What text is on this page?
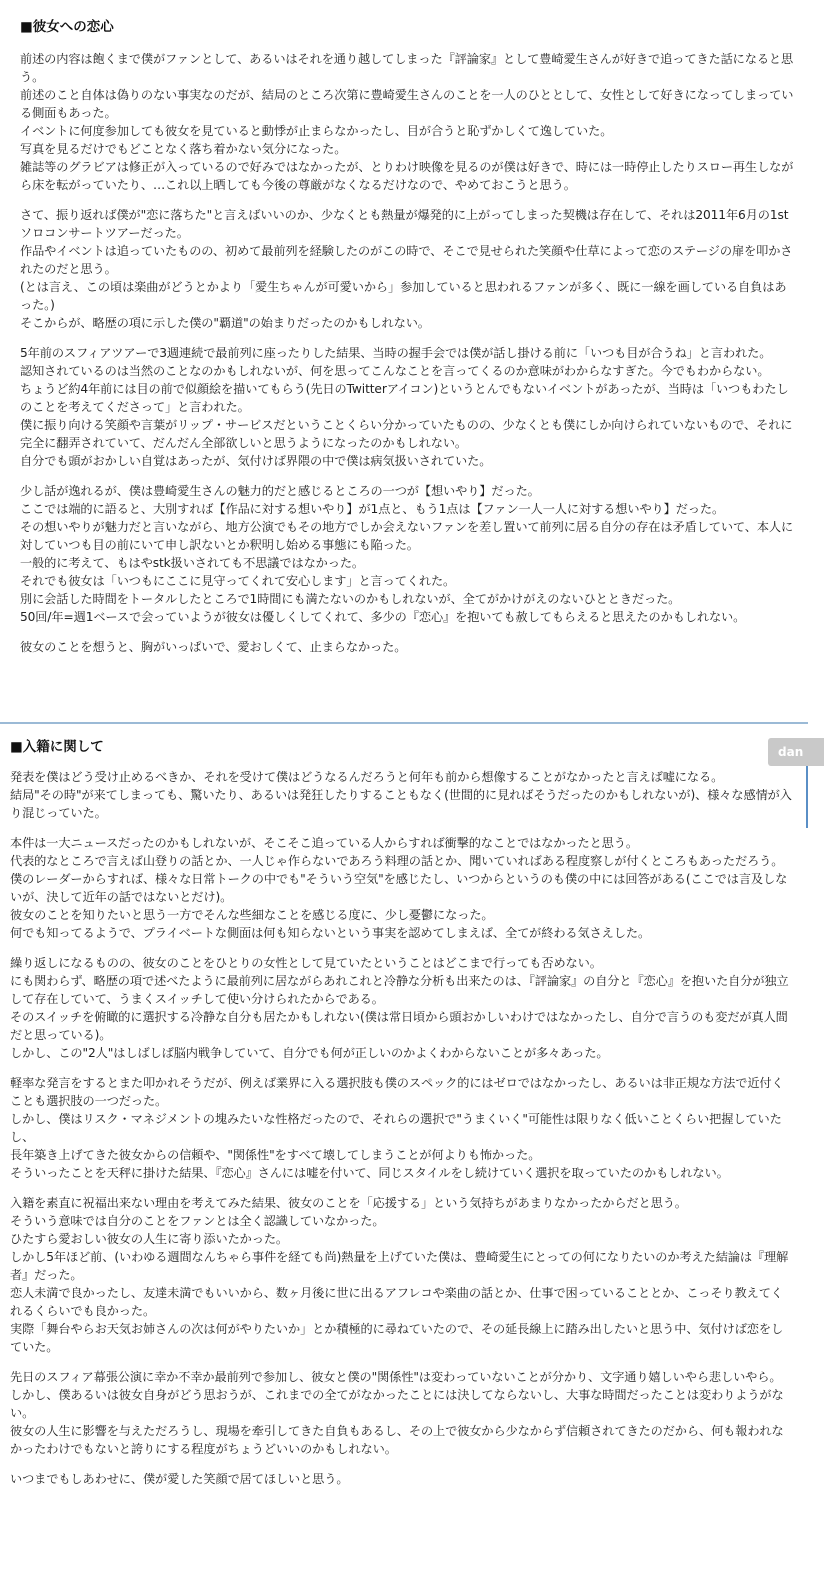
■彼女への恋心
前述の内容は飽くまで僕がファンとして、あるいはそれを通り越してしまった『評論家』として豊崎愛生さんが好きで追ってきた話になると思う。
前述のこと自体は偽りのない事実なのだが、結局のところ次第に豊崎愛生さんのことを一人のひととして、女性として好きになってしまっている側面もあった。
イベントに何度参加しても彼女を見ていると動悸が止まらなかったし、目が合うと恥ずかしくて逸していた。
写真を見るだけでもどことなく落ち着かない気分になった。
雑誌等のグラビアは修正が入っているので好みではなかったが、とりわけ映像を見るのが僕は好きで、時には一時停止したりスロー再生しながら床を転がっていたり、…これ以上晒しても今後の尊厳がなくなるだけなので、やめておこうと思う。
さて、振り返れば僕が"恋に落ちた"と言えばいいのか、少なくとも熱量が爆発的に上がってしまった契機は存在して、それは2011年6月の1stソロコンサートツアーだった。
作品やイベントは追っていたものの、初めて最前列を経験したのがこの時で、そこで見せられた笑顔や仕草によって恋のステージの扉を叩かされたのだと思う。
(とは言え、この頃は楽曲がどうとかより「愛生ちゃんが可愛いから」参加していると思われるファンが多く、既に一線を画している自負はあった。)
そこからが、略歴の項に示した僕の"覇道"の始まりだったのかもしれない。
5年前のスフィアツアーで3週連続で最前列に座ったりした結果、当時の握手会では僕が話し掛ける前に「いつも目が合うね」と言われた。
認知されているのは当然のことなのかもしれないが、何を思ってこんなことを言ってくるのか意味がわからなすぎた。今でもわからない。
ちょうど約4年前には目の前で似顔絵を描いてもらう(先日のTwitterアイコン)というとんでもないイベントがあったが、当時は「いつもわたしのことを考えてくださって」と言われた。
僕に振り向ける笑顔や言葉がリップ・サービスだということくらい分かっていたものの、少なくとも僕にしか向けられていないもので、それに完全に翻弄されていて、だんだん全部欲しいと思うようになったのかもしれない。
自分でも頭がおかしい自覚はあったが、気付けば界隈の中で僕は病気扱いされていた。
少し話が逸れるが、僕は豊崎愛生さんの魅力的だと感じるところの一つが【想いやり】だった。
ここでは端的に語ると、大別すれば【作品に対する想いやり】が1点と、もう1点は【ファン一人一人に対する想いやり】だった。
その想いやりが魅力だと言いながら、地方公演でもその地方でしか会えないファンを差し置いて前列に居る自分の存在は矛盾していて、本人に対していつも目の前にいて申し訳ないとか釈明し始める事態にも陥った。
一般的に考えて、もはやstk扱いされても不思議ではなかった。
それでも彼女は「いつもにここに見守ってくれて安心します」と言ってくれた。
別に会話した時間をトータルしたところで1時間にも満たないのかもしれないが、全てがかけがえのないひとときだった。
50回/年=週1ベースで会っていようが彼女は優しくしてくれて、多少の『恋心』を抱いても赦してもらえると思えたのかもしれない。
彼女のことを想うと、胸がいっぱいで、愛おしくて、止まらなかった。
dan
■入籍に関して
発表を僕はどう受け止めるべきか、それを受けて僕はどうなるんだろうと何年も前から想像することがなかったと言えば嘘になる。
結局"その時"が来てしまっても、驚いたり、あるいは発狂したりすることもなく(世間的に見ればそうだったのかもしれないが)、様々な感情が入り混じっていた。
本件は一大ニュースだったのかもしれないが、そこそこ追っている人からすれば衝撃的なことではなかったと思う。
代表的なところで言えば山登りの話とか、一人じゃ作らないであろう料理の話とか、聞いていればある程度察しが付くところもあっただろう。
僕のレーダーからすれば、様々な日常トークの中でも"そういう空気"を感じたし、いつからというのも僕の中には回答がある(ここでは言及しないが、決して近年の話ではないとだけ)。
彼女のことを知りたいと思う一方でそんな些細なことを感じる度に、少し憂鬱になった。
何でも知ってるようで、プライベートな側面は何も知らないという事実を認めてしまえば、全てが終わる気さえした。
繰り返しになるものの、彼女のことをひとりの女性として見ていたということはどこまで行っても否めない。
にも関わらず、略歴の項で述べたように最前列に居ながらあれこれと冷静な分析も出来たのは、『評論家』の自分と『恋心』を抱いた自分が独立して存在していて、うまくスイッチして使い分けられたからである。
そのスイッチを俯瞰的に選択する冷静な自分も居たかもしれない(僕は常日頃から頭おかしいわけではなかったし、自分で言うのも変だが真人間だと思っている)。
しかし、この"2人"はしばしば脳内戦争していて、自分でも何が正しいのかよくわからないことが多々あった。
軽率な発言をするとまた叩かれそうだが、例えば業界に入る選択肢も僕のスペック的にはゼロではなかったし、あるいは非正規な方法で近付くことも選択肢の一つだった。
しかし、僕はリスク・マネジメントの塊みたいな性格だったので、それらの選択で"うまくいく"可能性は限りなく低いことくらい把握していたし、
長年築き上げてきた彼女からの信頼や、"関係性"をすべて壊してしまうことが何よりも怖かった。
そういったことを天秤に掛けた結果、『恋心』さんには嘘を付いて、同じスタイルをし続けていく選択を取っていたのかもしれない。
入籍を素直に祝福出来ない理由を考えてみた結果、彼女のことを「応援する」という気持ちがあまりなかったからだと思う。
そういう意味では自分のことをファンとは全く認識していなかった。
ひたすら愛おしい彼女の人生に寄り添いたかった。
しかし5年ほど前、(いわゆる週間なんちゃら事件を経ても尚)熱量を上げていた僕は、豊崎愛生にとっての何になりたいのか考えた結論は『理解者』だった。
恋人未満で良かったし、友達未満でもいいから、数ヶ月後に世に出るアフレコや楽曲の話とか、仕事で困っていることとか、こっそり教えてくれるくらいでも良かった。
実際「舞台やらお天気お姉さんの次は何がやりたいか」とか積極的に尋ねていたので、その延長線上に踏み出したいと思う中、気付けば恋をしていた。
先日のスフィア幕張公演に幸か不幸か最前列で参加し、彼女と僕の"関係性"は変わっていないことが分かり、文字通り嬉しいやら悲しいやら。
しかし、僕あるいは彼女自身がどう思おうが、これまでの全てがなかったことには決してならないし、大事な時間だったことは変わりようがない。
彼女の人生に影響を与えただろうし、現場を牽引してきた自負もあるし、その上で彼女から少なからず信頼されてきたのだから、何も報われなかったわけでもないと誇りにする程度がちょうどいいのかもしれない。
いつまでもしあわせに、僕が愛した笑顔で居てほしいと思う。
